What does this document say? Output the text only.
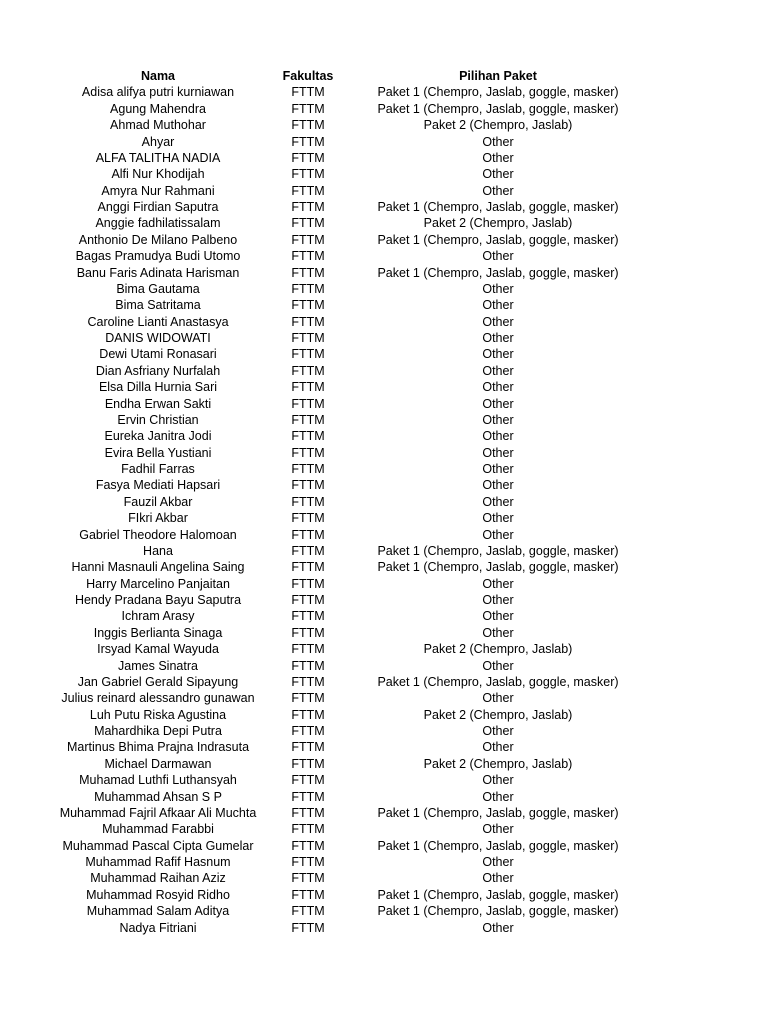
Nama	Fakultas	Pilihan Paket
Adisa alifya putri kurniawan	FTTM	Paket 1 (Chempro, Jaslab, goggle, masker)
Agung Mahendra	FTTM	Paket 1 (Chempro, Jaslab, goggle, masker)
Ahmad Muthohar	FTTM	Paket 2 (Chempro, Jaslab)
Ahyar	FTTM	Other
ALFA TALITHA NADIA	FTTM	Other
Alfi Nur Khodijah	FTTM	Other
Amyra Nur Rahmani	FTTM	Other
Anggi Firdian Saputra	FTTM	Paket 1 (Chempro, Jaslab, goggle, masker)
Anggie fadhilatissalam	FTTM	Paket 2 (Chempro, Jaslab)
Anthonio De Milano Palbeno	FTTM	Paket 1 (Chempro, Jaslab, goggle, masker)
Bagas Pramudya Budi Utomo	FTTM	Other
Banu Faris Adinata Harisman	FTTM	Paket 1 (Chempro, Jaslab, goggle, masker)
Bima Gautama	FTTM	Other
Bima Satritama	FTTM	Other
Caroline Lianti Anastasya	FTTM	Other
DANIS WIDOWATI	FTTM	Other
Dewi Utami Ronasari	FTTM	Other
Dian Asfriany Nurfalah	FTTM	Other
Elsa Dilla Hurnia Sari	FTTM	Other
Endha Erwan Sakti	FTTM	Other
Ervin Christian	FTTM	Other
Eureka Janitra Jodi	FTTM	Other
Evira Bella Yustiani	FTTM	Other
Fadhil Farras	FTTM	Other
Fasya Mediati Hapsari	FTTM	Other
Fauzil Akbar	FTTM	Other
FIkri Akbar	FTTM	Other
Gabriel Theodore Halomoan	FTTM	Other
Hana	FTTM	Paket 1 (Chempro, Jaslab, goggle, masker)
Hanni Masnauli Angelina Saing	FTTM	Paket 1 (Chempro, Jaslab, goggle, masker)
Harry Marcelino Panjaitan	FTTM	Other
Hendy Pradana Bayu Saputra	FTTM	Other
Ichram Arasy	FTTM	Other
Inggis Berlianta Sinaga	FTTM	Other
Irsyad Kamal Wayuda	FTTM	Paket 2 (Chempro, Jaslab)
James Sinatra	FTTM	Other
Jan Gabriel Gerald Sipayung	FTTM	Paket 1 (Chempro, Jaslab, goggle, masker)
Julius reinard alessandro gunawan	FTTM	Other
Luh Putu Riska Agustina	FTTM	Paket 2 (Chempro, Jaslab)
Mahardhika Depi Putra	FTTM	Other
Martinus Bhima Prajna Indrasuta	FTTM	Other
Michael Darmawan	FTTM	Paket 2 (Chempro, Jaslab)
Muhamad Luthfi Luthansyah	FTTM	Other
Muhammad Ahsan S P	FTTM	Other
Muhammad Fajril Afkaar Ali Muchta	FTTM	Paket 1 (Chempro, Jaslab, goggle, masker)
Muhammad Farabbi	FTTM	Other
Muhammad Pascal Cipta Gumelar	FTTM	Paket 1 (Chempro, Jaslab, goggle, masker)
Muhammad Rafif Hasnum	FTTM	Other
Muhammad Raihan Aziz	FTTM	Other
Muhammad Rosyid Ridho	FTTM	Paket 1 (Chempro, Jaslab, goggle, masker)
Muhammad Salam Aditya	FTTM	Paket 1 (Chempro, Jaslab, goggle, masker)
Nadya Fitriani	FTTM	Other
